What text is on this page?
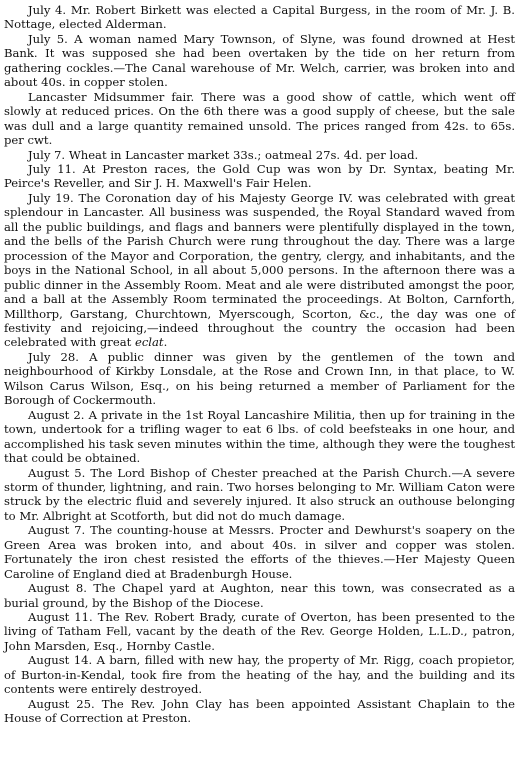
July 4. Mr. Robert Birkett was elected a Capital Burgess, in the room of Mr. J. B. Nottage, elected Alderman.

July 5. A woman named Mary Townson, of Slyne, was found drowned at Hest Bank. It was supposed she had been overtaken by the tide on her return from gathering cockles.—The Canal warehouse of Mr. Welch, carrier, was broken into and about 40s. in copper stolen.

Lancaster Midsummer fair. There was a good show of cattle, which went off slowly at reduced prices. On the 6th there was a good supply of cheese, but the sale was dull and a large quantity remained unsold. The prices ranged from 42s. to 65s. per cwt.

July 7. Wheat in Lancaster market 33s.; oatmeal 27s. 4d. per load.

July 11. At Preston races, the Gold Cup was won by Dr. Syntax, beating Mr. Peirce's Reveller, and Sir J. H. Maxwell's Fair Helen.

July 19. The Coronation day of his Majesty George IV. was celebrated with great splendour in Lancaster. All business was suspended, the Royal Standard waved from all the public buildings, and flags and banners were plentifully displayed in the town, and the bells of the Parish Church were rung throughout the day. There was a large procession of the Mayor and Corporation, the gentry, clergy, and inhabitants, and the boys in the National School, in all about 5,000 persons. In the afternoon there was a public dinner in the Assembly Room. Meat and ale were distributed amongst the poor, and a ball at the Assembly Room terminated the proceedings. At Bolton, Carnforth, Millthorp, Garstang, Churchtown, Myerscough, Scorton, &c., the day was one of festivity and rejoicing,—indeed throughout the country the occasion had been celebrated with great eclat.

July 28. A public dinner was given by the gentlemen of the town and neighbourhood of Kirkby Lonsdale, at the Rose and Crown Inn, in that place, to W. Wilson Carus Wilson, Esq., on his being returned a member of Parliament for the Borough of Cockermouth.

August 2. A private in the 1st Royal Lancashire Militia, then up for training in the town, undertook for a trifling wager to eat 6 lbs. of cold beefsteaks in one hour, and accomplished his task seven minutes within the time, although they were the toughest that could be obtained.

August 5. The Lord Bishop of Chester preached at the Parish Church.—A severe storm of thunder, lightning, and rain. Two horses belonging to Mr. William Caton were struck by the electric fluid and severely injured. It also struck an outhouse belonging to Mr. Albright at Scotforth, but did not do much damage.

August 7. The counting-house at Messrs. Procter and Dewhurst's soapery on the Green Area was broken into, and about 40s. in silver and copper was stolen. Fortunately the iron chest resisted the efforts of the thieves.—Her Majesty Queen Caroline of England died at Bradenburgh House.

August 8. The Chapel yard at Aughton, near this town, was consecrated as a burial ground, by the Bishop of the Diocese.

August 11. The Rev. Robert Brady, curate of Overton, has been presented to the living of Tatham Fell, vacant by the death of the Rev. George Holden, L.L.D., patron, John Marsden, Esq., Hornby Castle.

August 14. A barn, filled with new hay, the property of Mr. Rigg, coach propietor, of Burton-in-Kendal, took fire from the heating of the hay, and the building and its contents were entirely destroyed.

August 25. The Rev. John Clay has been appointed Assistant Chaplain to the House of Correction at Preston.
